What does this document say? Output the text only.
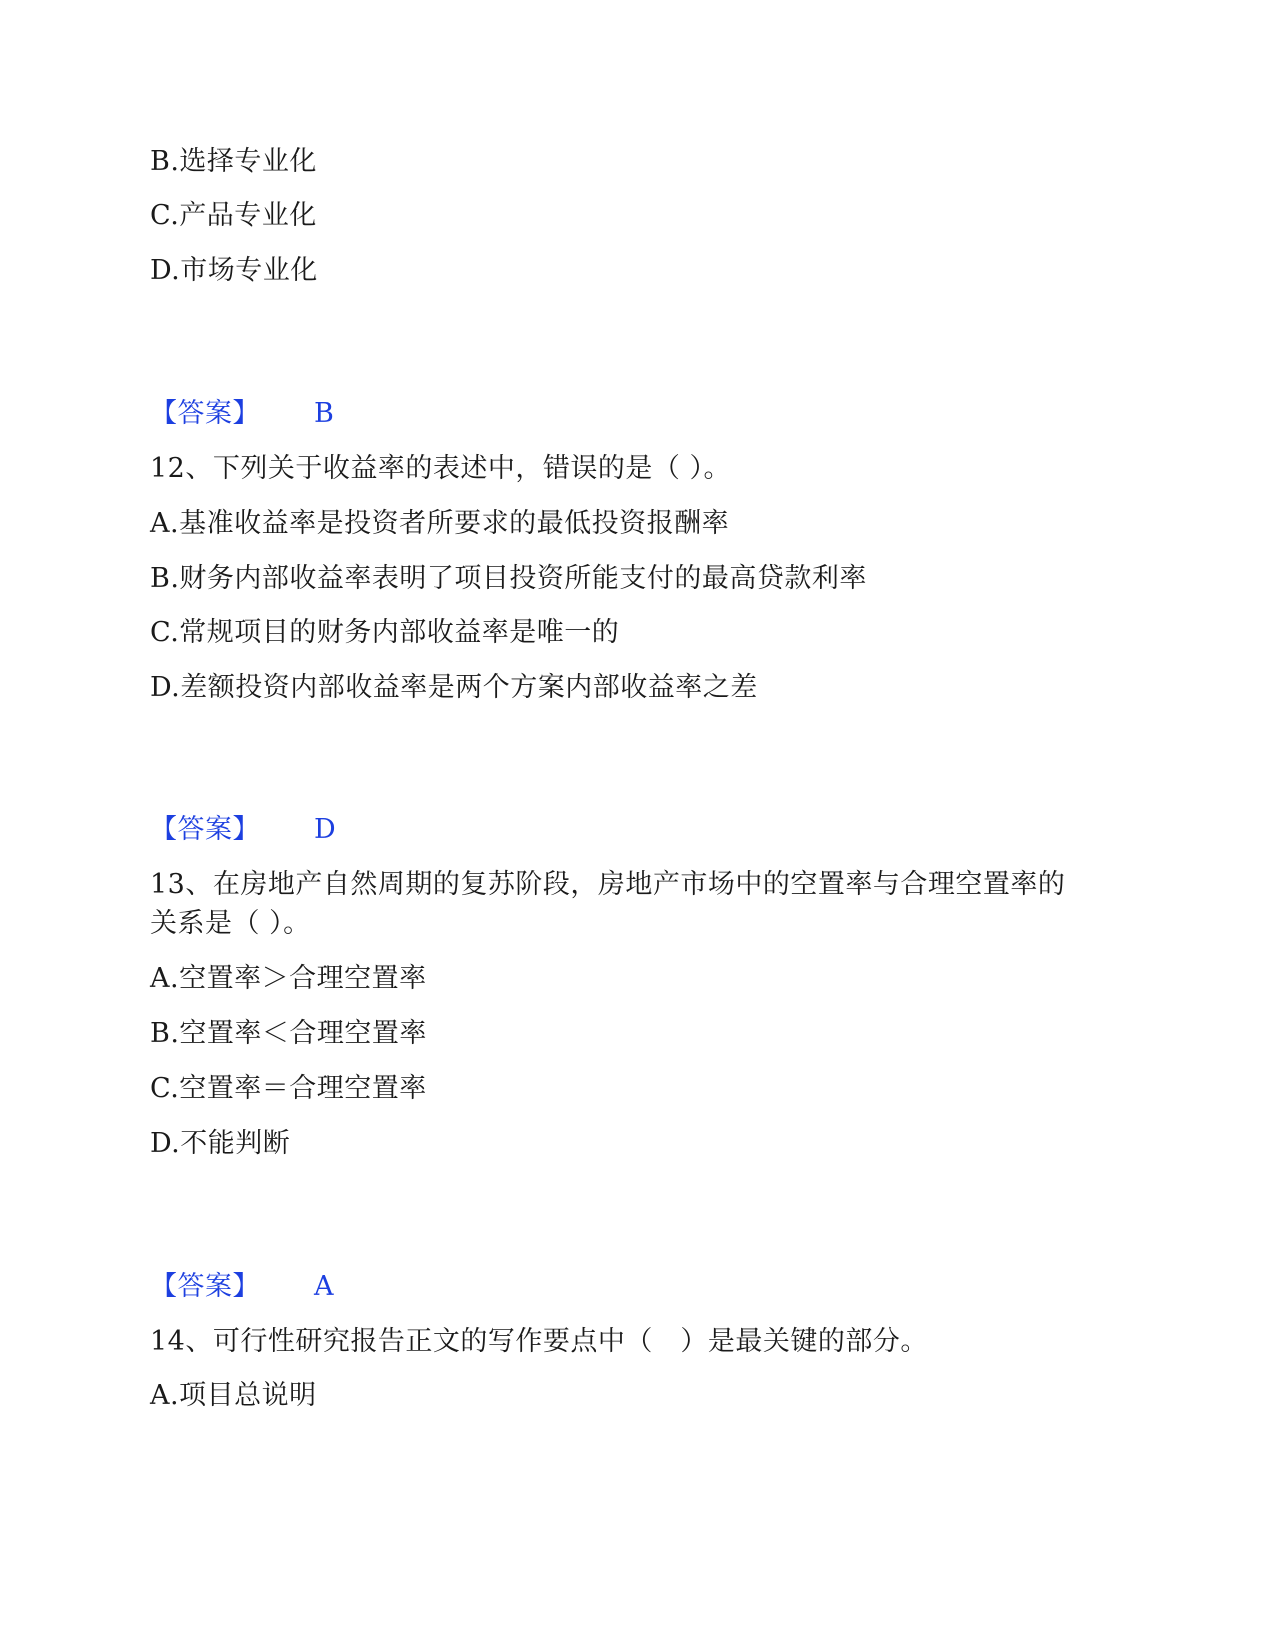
B.选择专业化
C.产品专业化
D.市场专业化
【答案】 B
12、下列关于收益率的表述中，错误的是（ ）。
A.基准收益率是投资者所要求的最低投资报酬率
B.财务内部收益率表明了项目投资所能支付的最高贷款利率
C.常规项目的财务内部收益率是唯一的
D.差额投资内部收益率是两个方案内部收益率之差
【答案】 D
13、在房地产自然周期的复苏阶段，房地产市场中的空置率与合理空置率的
关系是（ ）。
A.空置率＞合理空置率
B.空置率＜合理空置率
C.空置率＝合理空置率
D.不能判断
【答案】 A
14、可行性研究报告正文的写作要点中（　）是最关键的部分。
A.项目总说明
